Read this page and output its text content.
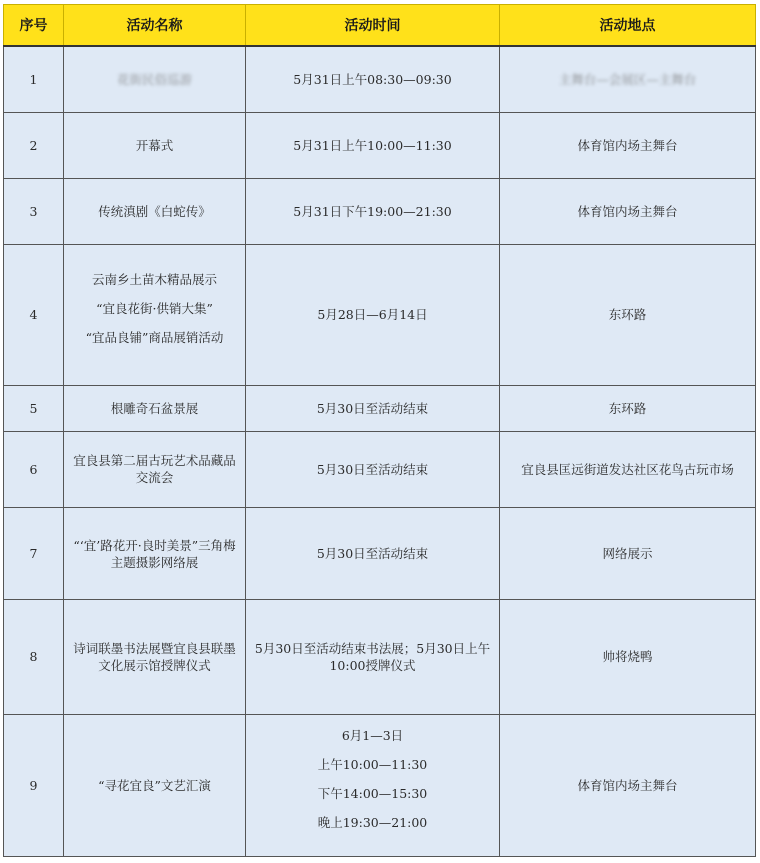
序号	活动名称	活动时间	活动地点
1	花街民俗巡游	5月31日上午08:30—09:30	主舞台—会展区—主舞台
2	开幕式	5月31日上午10:00—11:30	体育馆内场主舞台

3	传统滇剧《白蛇传》	5月31日下午19:00—21:30	体育馆内场主舞台

4	云南乡土苗木精品展示
“宜良花街·供销大集”
“宜品良铺”商品展销活动	5月28日—6月14日	东环路

5	根雕奇石盆景展	5月30日至活动结束	东环路

6	宜良县第二届古玩艺术品藏品交流会	5月30日至活动结束	宜良县匡远街道发达社区花鸟古玩市场

7	“‘宜’路花开·良时美景”三角梅主题摄影网络展	5月30日至活动结束	网络展示

8	诗词联墨书法展暨宜良县联墨文化展示馆授牌仪式	5月30日至活动结束书法展；5月30日上午10:00授牌仪式	帅将烧鸭

9	“寻花宜良”文艺汇演	6月1—3日
上午10:00—11:30
下午14:00—15:30
晚上19:30—21:00	体育馆内场主舞台
